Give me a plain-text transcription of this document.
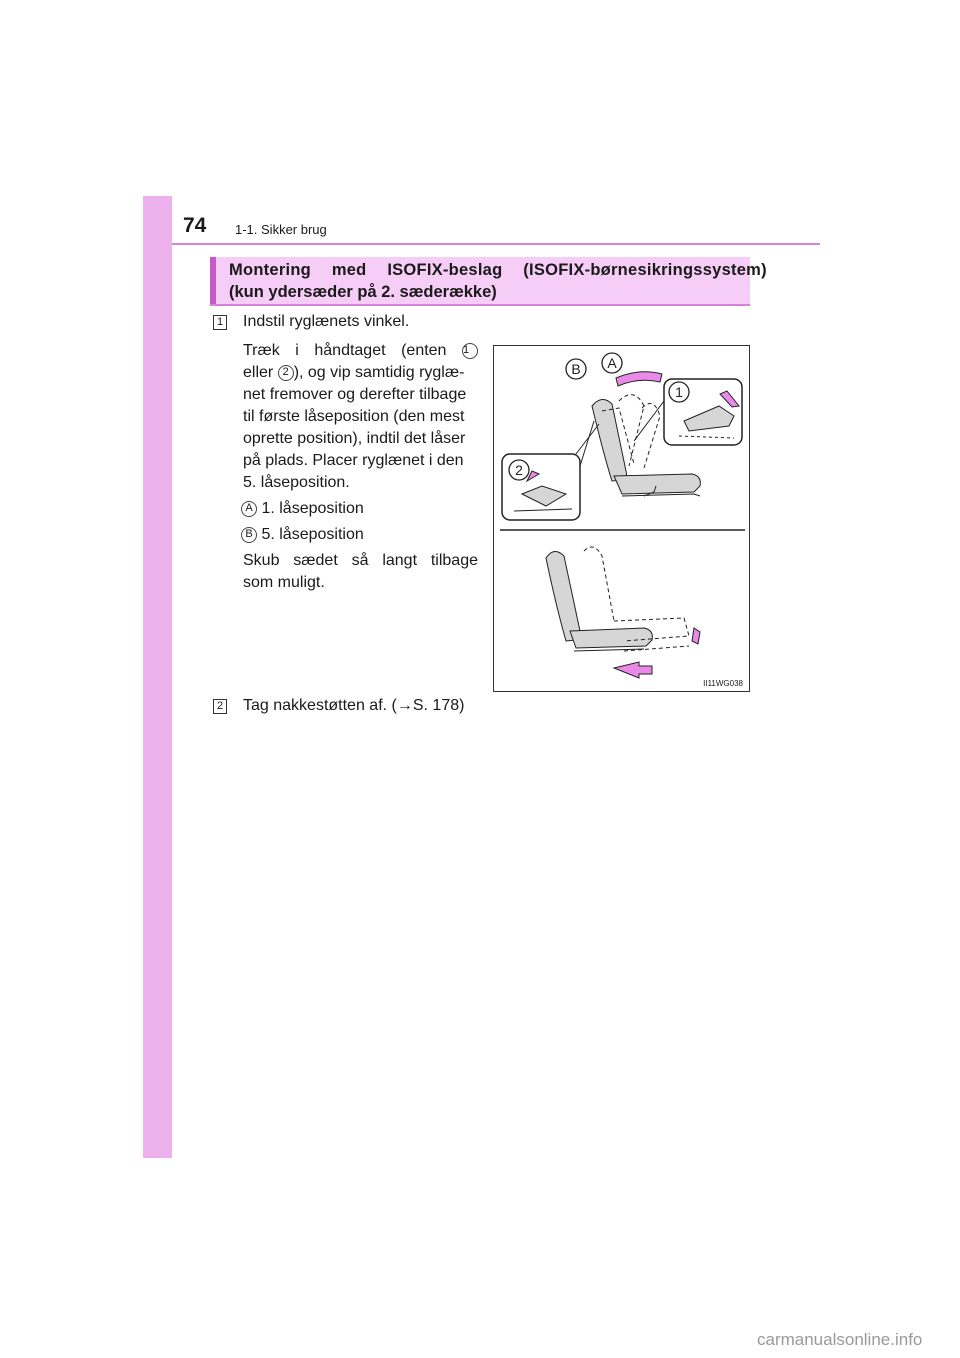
74 1-1. Sikker brug
Montering med ISOFIX-beslag (ISOFIX-børnesikringssystem)
(kun ydersæder på 2. sæderække)
1 Indstil ryglænets vinkel.
Træk i håndtaget (enten 1
eller 2 ), og vip samtidig ryglæ-
net fremover og derefter tilbage
til første låseposition (den mest
oprette position), indtil det låser
på plads. Placer ryglænet i den
5. låseposition.
A 1. låseposition
B 5. låseposition
Skub sædet så langt tilbage
som muligt.
2 Tag nakkestøtten af. (→S. 178)
A
B
1
2
II11WG038
carmanualsonline.info
